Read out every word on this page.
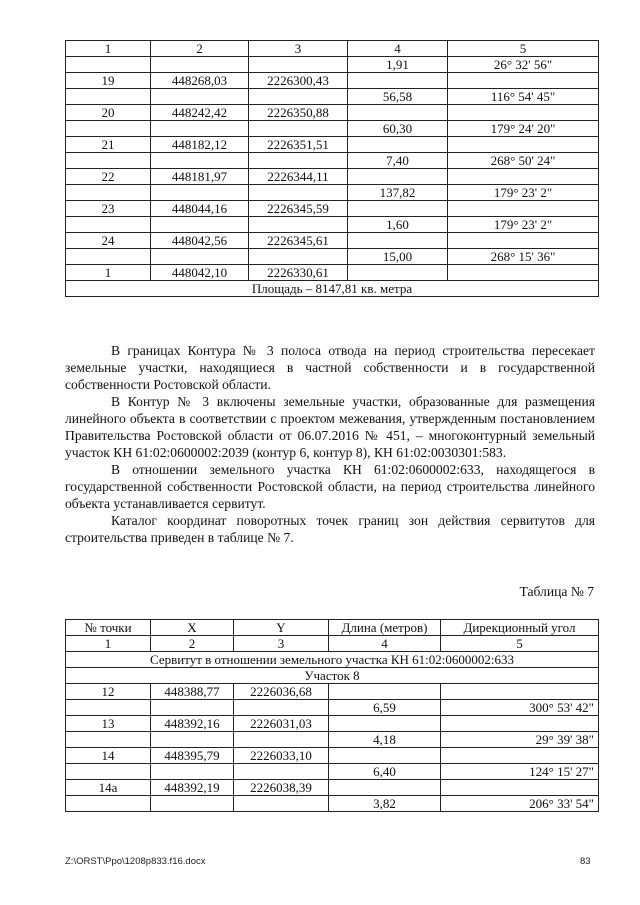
1	2	3	4	5
			1,91	26° 32' 56"
19	448268,03	2226300,43		
			56,58	116° 54' 45"
20	448242,42	2226350,88		
			60,30	179° 24' 20"
21	448182,12	2226351,51		
			7,40	268° 50' 24"
22	448181,97	2226344,11		
			137,82	179° 23' 2"
23	448044,16	2226345,59		
			1,60	179° 23' 2"
24	448042,56	2226345,61		
			15,00	268° 15' 36"
1	448042,10	2226330,61		
Площадь – 8147,81 кв. метра				

В границах Контура № 3 полоса отвода на период строительства пересекает земельные участки, находящиеся в частной собственности и в государственной собственности Ростовской области.

В Контур № 3 включены земельные участки, образованные для размещения линейного объекта в соответствии с проектом межевания, утвержденным постановлением Правительства Ростовской области от 06.07.2016 № 451, – многоконтурный земельный участок КН 61:02:0600002:2039 (контур 6, контур 8), КН 61:02:0030301:583.

В отношении земельного участка КН 61:02:0600002:633, находящегося в государственной собственности Ростовской области, на период строительства линейного объекта устанавливается сервитут.

Каталог координат поворотных точек границ зон действия сервитутов для строительства приведен в таблице № 7.

Таблица № 7
№ точки	X	Y	Длина (метров)	Дирекционный угол
1	2	3	4	5
Сервитут в отношении земельного участка КН 61:02:0600002:633				
Участок 8				
12	448388,77	2226036,68		
			6,59	300° 53' 42"
13	448392,16	2226031,03		
			4,18	29° 39' 38"
14	448395,79	2226033,10		
			6,40	124° 15' 27"
14а	448392,19	2226038,39		
			3,82	206° 33' 54"
Z:\ORST\Ppo\1208p833.f16.docx	83
